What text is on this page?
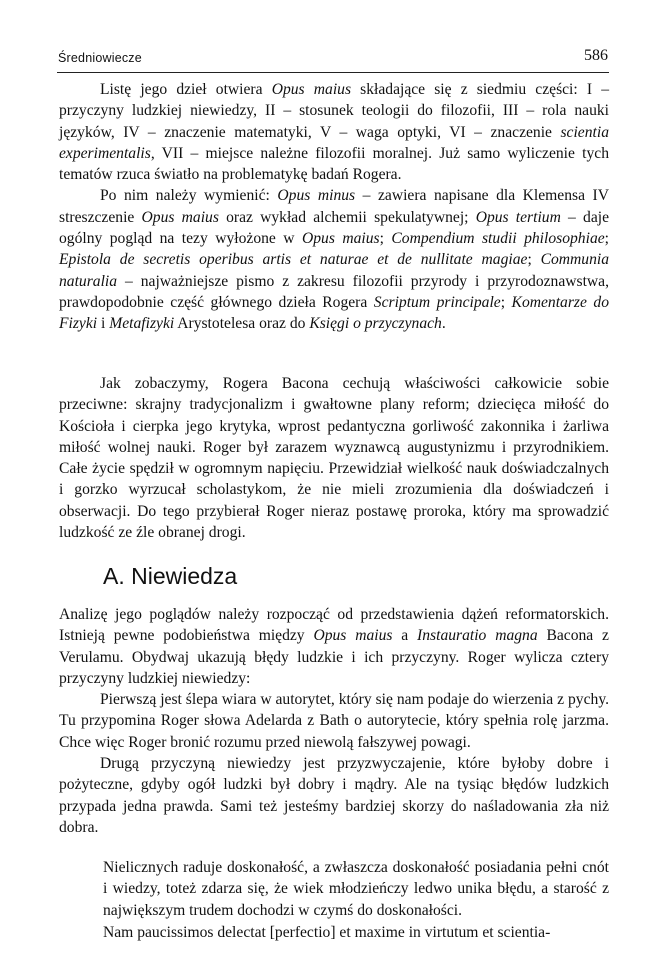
Średniowiecze	586

Listę jego dzieł otwiera Opus maius składające się z siedmiu części: I – przyczyny ludzkiej niewiedzy, II – stosunek teologii do filozofii, III – rola nauki języków, IV – znaczenie matematyki, V – waga optyki, VI – znaczenie scientia experimentalis, VII – miejsce należne filozofii moralnej. Już samo wyliczenie tych tematów rzuca światło na problematykę badań Rogera.

Po nim należy wymienić: Opus minus – zawiera napisane dla Klemensa IV streszczenie Opus maius oraz wykład alchemii spekulatywnej; Opus tertium – daje ogólny pogląd na tezy wyłożone w Opus maius; Compendium studii philosophiae; Epistola de secretis operibus artis et naturae et de nullitate magiae; Communia naturalia – najważniejsze pismo z zakresu filozofii przyrody i przyrodoznawstwa, prawdopodobnie część głównego dzieła Rogera Scriptum principale; Komentarze do Fizyki i Metafizyki Arystotelesa oraz do Księgi o przyczynach.

Jak zobaczymy, Rogera Bacona cechują właściwości całkowicie sobie przeciwne: skrajny tradycjonalizm i gwałtowne plany reform; dziecięca miłość do Kościoła i cierpka jego krytyka, wprost pedantyczna gorliwość zakonnika i żarliwa miłość wolnej nauki. Roger był zarazem wyznawcą augustynizmu i przyrodnikiem. Całe życie spędził w ogromnym napięciu. Przewidział wielkość nauk doświadczalnych i gorzko wyrzucał scholastykom, że nie mieli zrozumienia dla doświadczeń i obserwacji. Do tego przybierał Roger nieraz postawę proroka, który ma sprowadzić ludzkość ze źle obranej drogi.

A. Niewiedza

Analizę jego poglądów należy rozpocząć od przedstawienia dążeń reformatorskich. Istnieją pewne podobieństwa między Opus maius a Instauratio magna Bacona z Verulamu. Obydwaj ukazują błędy ludzkie i ich przyczyny. Roger wylicza cztery przyczyny ludzkiej niewiedzy:

Pierwszą jest ślepa wiara w autorytet, który się nam podaje do wierzenia z pychy. Tu przypomina Roger słowa Adelarda z Bath o autorytecie, który spełnia rolę jarzma. Chce więc Roger bronić rozumu przed niewolą fałszywej powagi.

Drugą przyczyną niewiedzy jest przyzwyczajenie, które byłoby dobre i pożyteczne, gdyby ogół ludzki był dobry i mądry. Ale na tysiąc błędów ludzkich przypada jedna prawda. Sami też jesteśmy bardziej skorzy do naśladowania zła niż dobra.

Nielicznych raduje doskonałość, a zwłaszcza doskonałość posiadania pełni cnót i wiedzy, toteż zdarza się, że wiek młodzieńczy ledwo unika błędu, a starość z największym trudem dochodzi w czymś do doskonałości.

Nam paucissimos delectat [perfectio] et maxime in virtutum et scientia-
